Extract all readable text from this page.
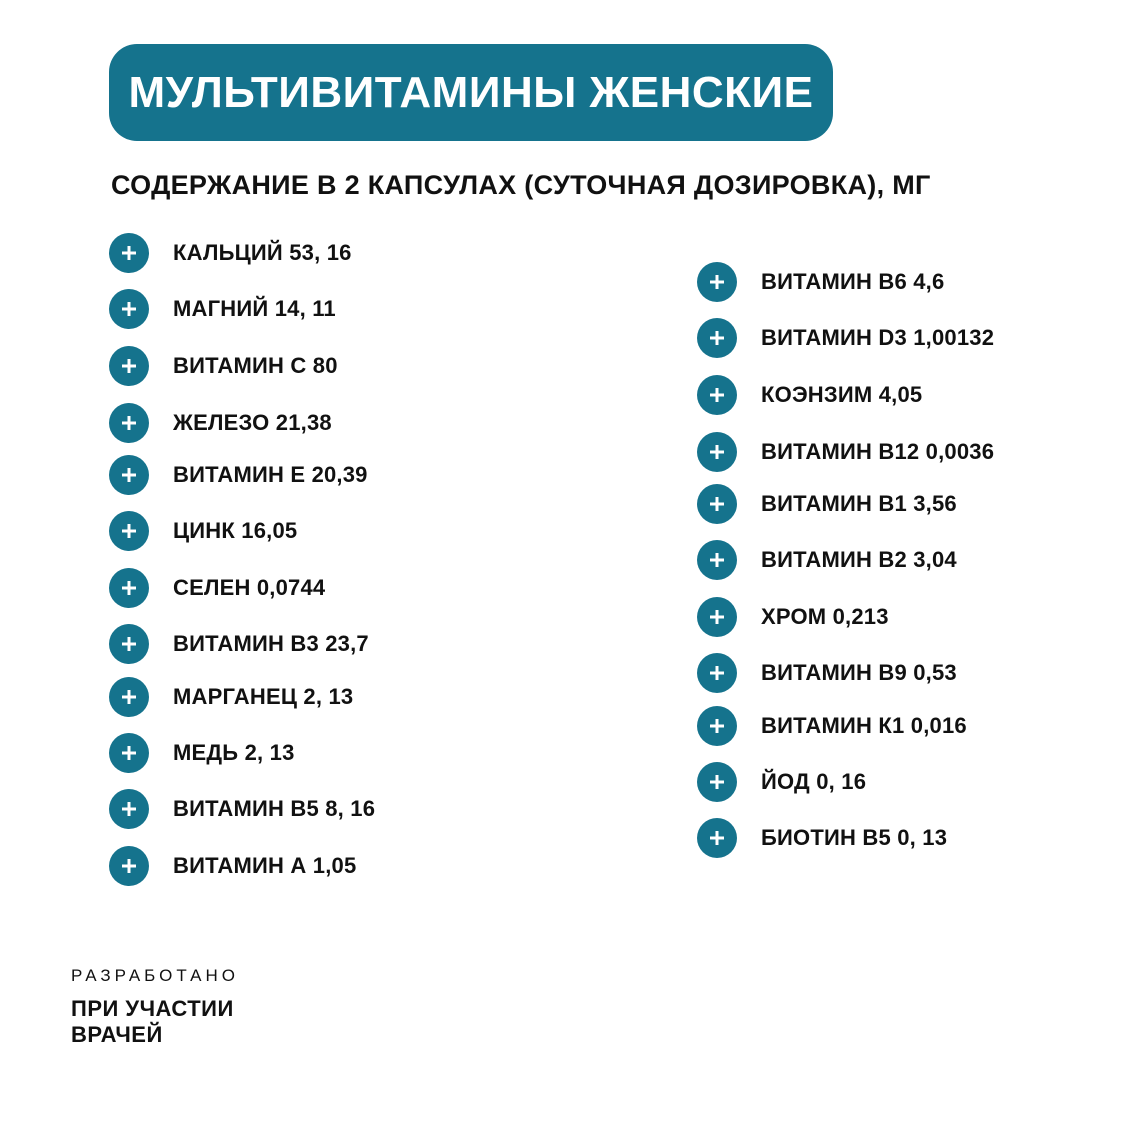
МУЛЬТИВИТАМИНЫ ЖЕНСКИЕ
СОДЕРЖАНИЕ В 2 КАПСУЛАХ (СУТОЧНАЯ ДОЗИРОВКА), МГ
КАЛЬЦИЙ 53, 16
МАГНИЙ 14, 11
ВИТАМИН С 80
ЖЕЛЕЗО 21,38
ВИТАМИН Е 20,39
ЦИНК 16,05
СЕЛЕН 0,0744
ВИТАМИН В3 23,7
МАРГАНЕЦ 2, 13
МЕДЬ 2, 13
ВИТАМИН В5 8, 16
ВИТАМИН А 1,05
ВИТАМИН В6 4,6
ВИТАМИН D3 1,00132
КОЭНЗИМ 4,05
ВИТАМИН В12 0,0036
ВИТАМИН В1 3,56
ВИТАМИН В2 3,04
ХРОМ 0,213
ВИТАМИН В9 0,53
ВИТАМИН К1 0,016
ЙОД 0, 16
БИОТИН В5 0, 13
РАЗРАБОТАНО
ПРИ УЧАСТИИ
ВРАЧЕЙ
